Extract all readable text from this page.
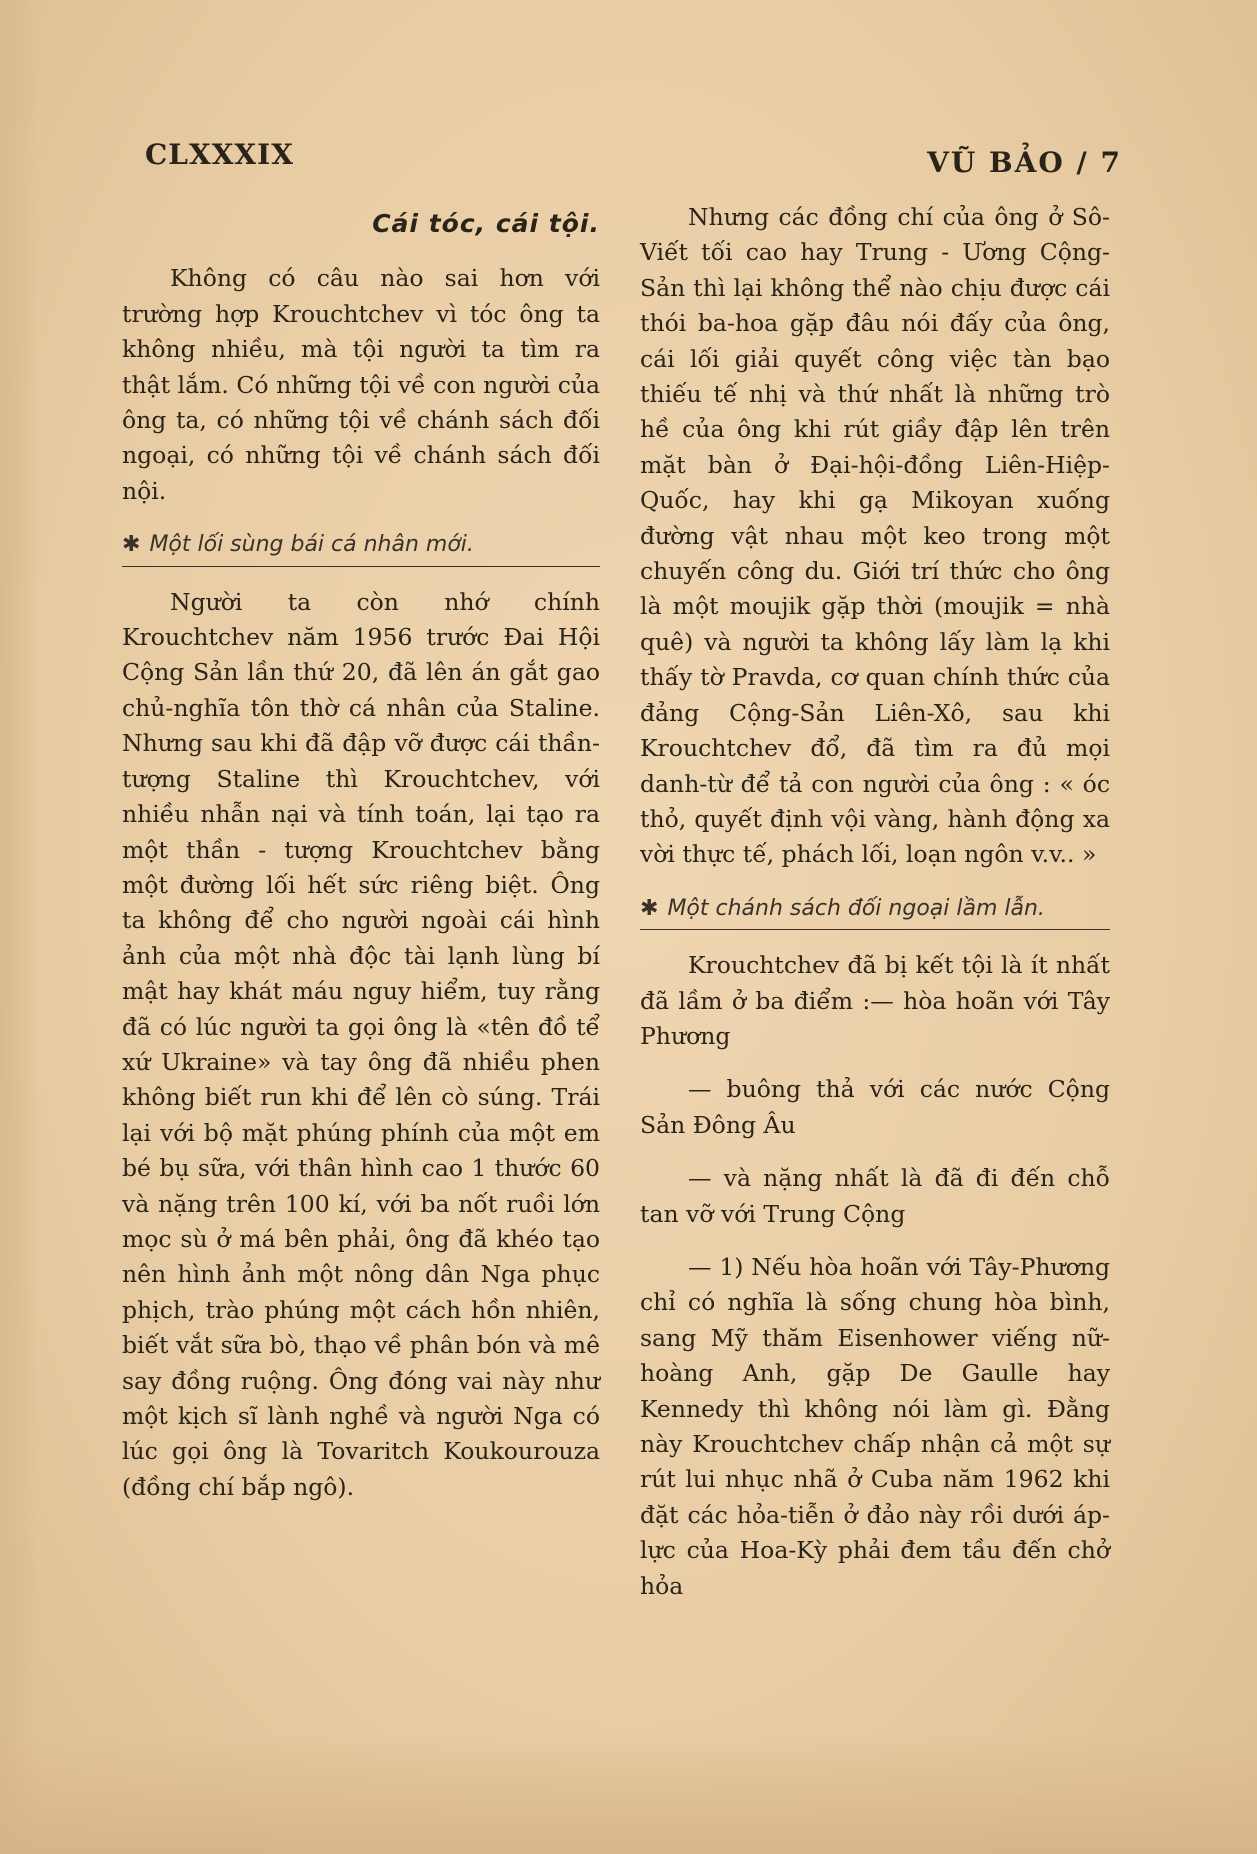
CLXXXIX	VŨ BẢO / 7
Cái tóc, cái tội.

Không có câu nào sai hơn với trường hợp Krouchtchev vì tóc ông ta không nhiều, mà tội người ta tìm ra thật lắm. Có những tội về con người của ông ta, có những tội về chánh sách đối ngoại, có những tội về chánh sách đối nội.

✱ Một lối sùng bái cá nhân mới.

Người ta còn nhớ chính Krouchtchev năm 1956 trước Đai Hội Cộng Sản lần thứ 20, đã lên án gắt gao chủ-nghĩa tôn thờ cá nhân của Staline. Nhưng sau khi đã đập vỡ được cái thần-tượng Staline thì Krouchtchev, với nhiều nhẫn nại và tính toán, lại tạo ra một thần - tượng Krouchtchev bằng một đường lối hết sức riêng biệt. Ông ta không để cho người ngoài cái hình ảnh của một nhà độc tài lạnh lùng bí mật hay khát máu nguy hiểm, tuy rằng đã có lúc người ta gọi ông là «tên đồ tể xứ Ukraine» và tay ông đã nhiều phen không biết run khi để lên cò súng. Trái lại với bộ mặt phúng phính của một em bé bụ sữa, với thân hình cao 1 thước 60 và nặng trên 100 kí, với ba nốt ruồi lớn mọc sù ở má bên phải, ông đã khéo tạo nên hình ảnh một nông dân Nga phục phịch, trào phúng một cách hồn nhiên, biết vắt sữa bò, thạo về phân bón và mê say đồng ruộng. Ông đóng vai này như một kịch sĩ lành nghề và người Nga có lúc gọi ông là Tovaritch Koukourouza (đồng chí bắp ngô).

Nhưng các đồng chí của ông ở Sô-Viết tối cao hay Trung - Ương Cộng-Sản thì lại không thể nào chịu được cái thói ba-hoa gặp đâu nói đấy của ông, cái lối giải quyết công việc tàn bạo thiếu tế nhị và thứ nhất là những trò hề của ông khi rút giầy đập lên trên mặt bàn ở Đại-hội-đồng Liên-Hiệp-Quốc, hay khi gạ Mikoyan xuống đường vật nhau một keo trong một chuyến công du. Giới trí thức cho ông là một moujik gặp thời (moujik = nhà quê) và người ta không lấy làm lạ khi thấy tờ Pravda, cơ quan chính thức của đảng Cộng-Sản Liên-Xô, sau khi Krouchtchev đổ, đã tìm ra đủ mọi danh-từ để tả con người của ông : « óc thỏ, quyết định vội vàng, hành động xa vời thực tế, phách lối, loạn ngôn v.v.. »

✱ Một chánh sách đối ngoại lầm lẫn.

Krouchtchev đã bị kết tội là ít nhất đã lầm ở ba điểm :— hòa hoãn với Tây Phương

— buông thả với các nước Cộng Sản Đông Âu

— và nặng nhất là đã đi đến chỗ tan vỡ với Trung Cộng

— 1) Nếu hòa hoãn với Tây-Phương chỉ có nghĩa là sống chung hòa bình, sang Mỹ thăm Eisenhower viếng nữ-hoàng Anh, gặp De Gaulle hay Kennedy thì không nói làm gì. Đằng này Krouchtchev chấp nhận cả một sự rút lui nhục nhã ở Cuba năm 1962 khi đặt các hỏa-tiễn ở đảo này rồi dưới áp-lực của Hoa-Kỳ phải đem tầu đến chở hỏa
